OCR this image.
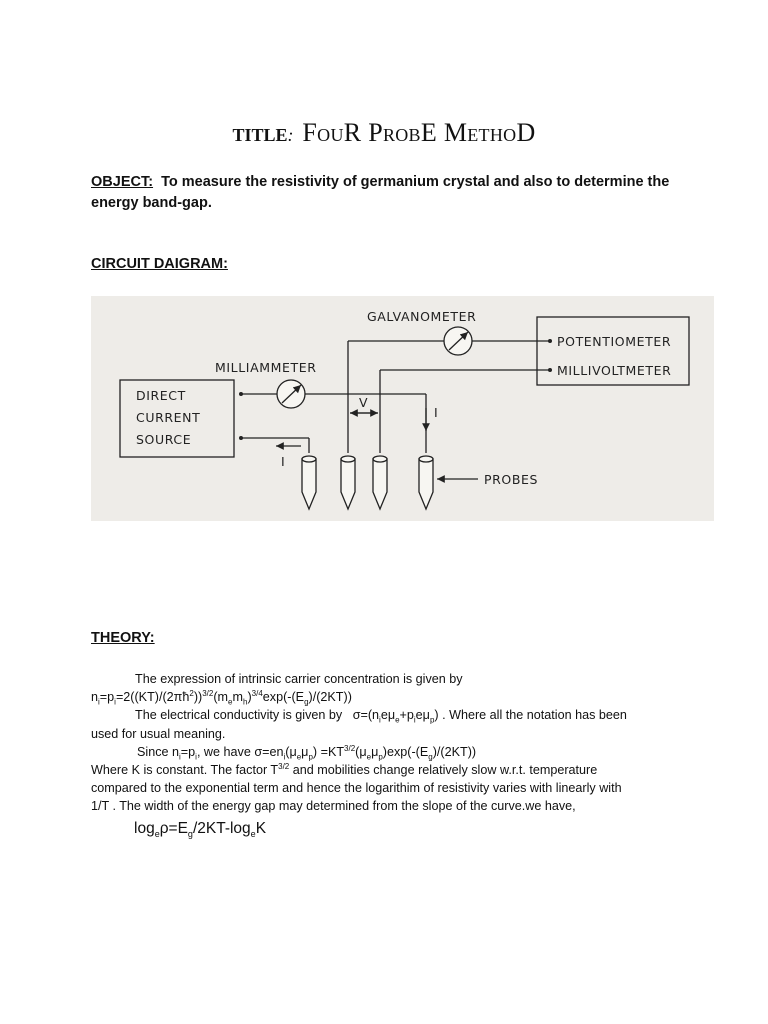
TITLE: FouR ProbE MethoD
OBJECT: To measure the resistivity of germanium crystal and also to determine the energy band-gap.
CIRCUIT DAIGRAM:
GALVANOMETER
POTENTIOMETER
MILLIVOLTMETER
MILLIAMMETER
DIRECT
CURRENT
SOURCE
V
I
I
PROBES
THEORY:
The expression of intrinsic carrier concentration is given by
$n_i=p_i=2((KT)/(2\pi ħ^2))^{3/2}(m_em_h)^{3/4}\exp(-(E_g)/(2KT))$
The electrical conductivity is given by   $\sigma=(n_ie\mu_e+p_ie\mu_p)$ . Where all the notation has been
used for usual meaning.
Since $n_i=p_i$, we have $\sigma=en_i(\mu_e\mu_p) =KT^{3/2}(\mu_e\mu_p)\exp(-(E_g)/(2KT))$
Where K is constant. The factor $T^{3/2}$ and mobilities change relatively slow w.r.t. temperature
compared to the exponential term and hence the logarithim of resistivity varies with linearly with
1/T . The width of the energy gap may determined from the slope of the curve.we have,
$\log_e\rho=E_g/2KT-\log_eK$
